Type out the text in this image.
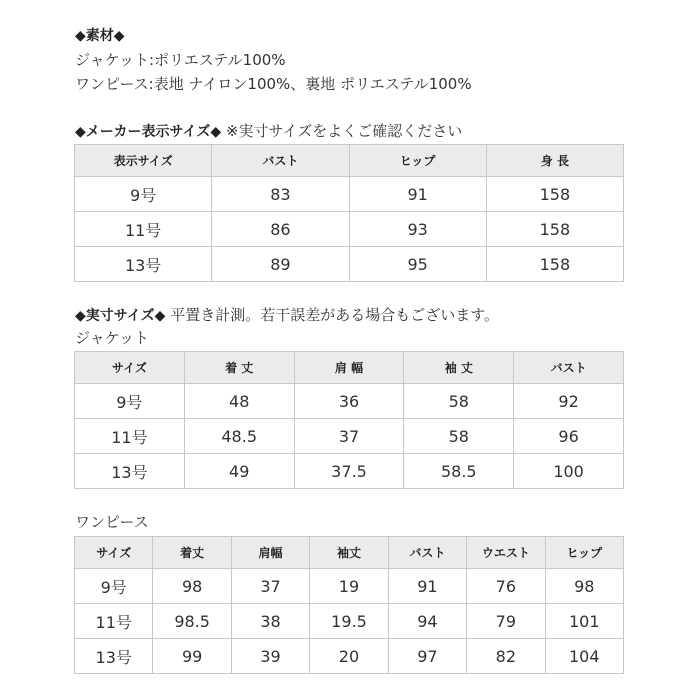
◆素材◆
ジャケット:ポリエステル100%
ワンピース:表地 ナイロン100%、裏地 ポリエステル100%
◆メーカー表示サイズ◆ ※実寸サイズをよくご確認ください
表示サイズ	バスト	ヒップ	身 長
9号	83	91	158
11号	86	93	158
13号	89	95	158
◆実寸サイズ◆ 平置き計測。若干誤差がある場合もございます。
ジャケット
サイズ	着 丈	肩 幅	袖 丈	バスト
9号	48	36	58	92
11号	48.5	37	58	96
13号	49	37.5	58.5	100
ワンピース
サイズ	着丈	肩幅	袖丈	バスト	ウエスト	ヒップ
9号	98	37	19	91	76	98
11号	98.5	38	19.5	94	79	101
13号	99	39	20	97	82	104
